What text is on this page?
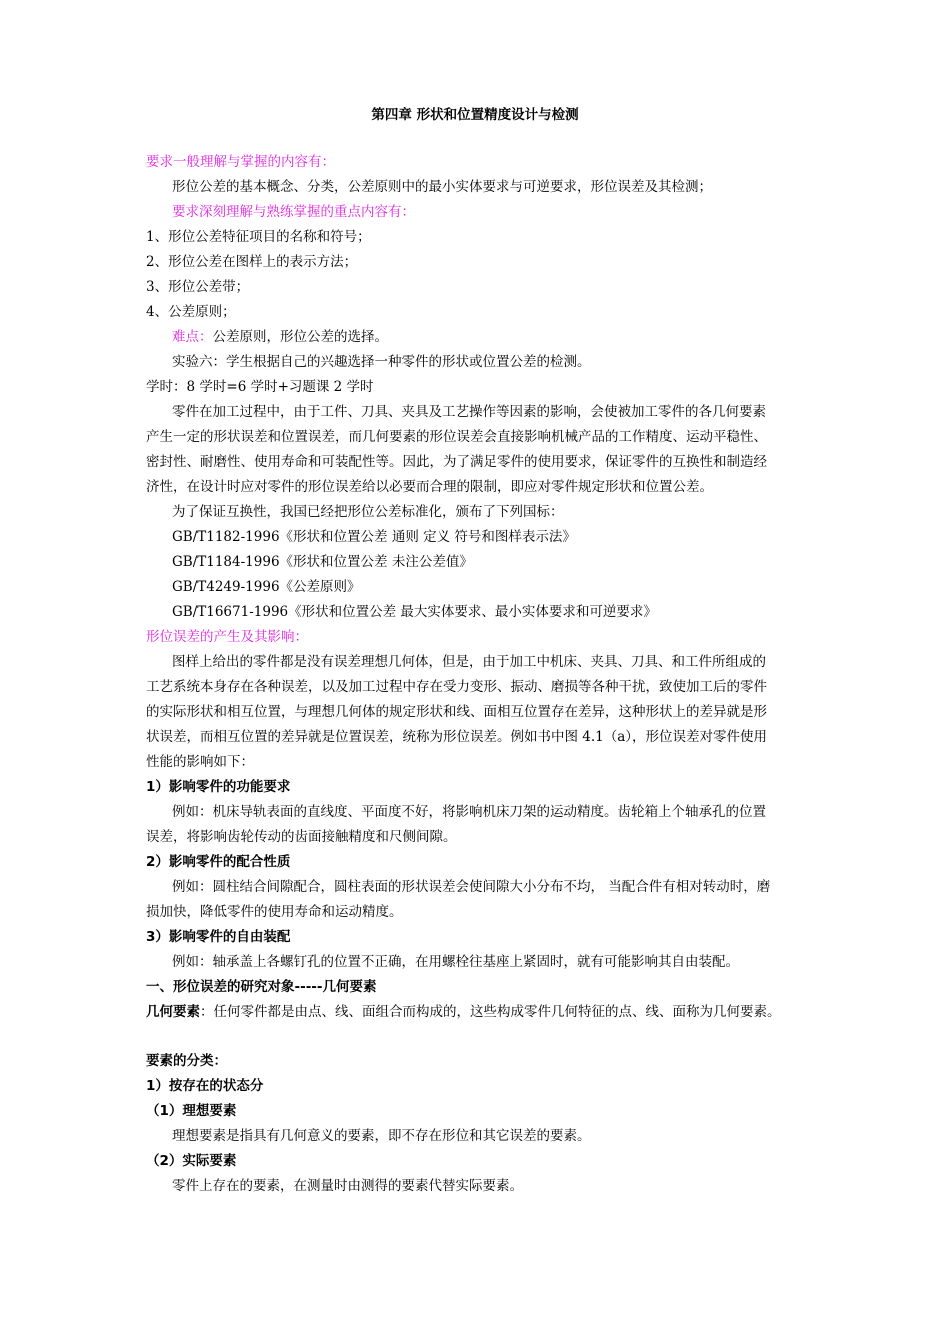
第四章 形状和位置精度设计与检测
要求一般理解与掌握的内容有：
形位公差的基本概念、分类，公差原则中的最小实体要求与可逆要求，形位误差及其检测；
要求深刻理解与熟练掌握的重点内容有：
1、形位公差特征项目的名称和符号；
2、形位公差在图样上的表示方法；
3、形位公差带；
4、公差原则；
难点：公差原则，形位公差的选择。
实验六：学生根据自己的兴趣选择一种零件的形状或位置公差的检测。
学时：8 学时=6 学时+习题课 2 学时
零件在加工过程中，由于工件、刀具、夹具及工艺操作等因素的影响，会使被加工零件的各几何要素
产生一定的形状误差和位置误差，而几何要素的形位误差会直接影响机械产品的工作精度、运动平稳性、
密封性、耐磨性、使用寿命和可装配性等。因此，为了满足零件的使用要求，保证零件的互换性和制造经
济性，在设计时应对零件的形位误差给以必要而合理的限制，即应对零件规定形状和位置公差。
为了保证互换性，我国已经把形位公差标准化，颁布了下列国标：
GB/T1182-1996《形状和位置公差 通则 定义 符号和图样表示法》
GB/T1184-1996《形状和位置公差 未注公差值》
GB/T4249-1996《公差原则》
GB/T16671-1996《形状和位置公差 最大实体要求、最小实体要求和可逆要求》
形位误差的产生及其影响：
图样上给出的零件都是没有误差理想几何体，但是，由于加工中机床、夹具、刀具、和工件所组成的
工艺系统本身存在各种误差，以及加工过程中存在受力变形、振动、磨损等各种干扰，致使加工后的零件
的实际形状和相互位置，与理想几何体的规定形状和线、面相互位置存在差异，这种形状上的差异就是形
状误差，而相互位置的差异就是位置误差，统称为形位误差。例如书中图 4.1（a），形位误差对零件使用
性能的影响如下：
1）影响零件的功能要求
例如：机床导轨表面的直线度、平面度不好，将影响机床刀架的运动精度。齿轮箱上个轴承孔的位置
误差，将影响齿轮传动的齿面接触精度和尺侧间隙。
2）影响零件的配合性质
例如：圆柱结合间隙配合，圆柱表面的形状误差会使间隙大小分布不均， 当配合件有相对转动时，磨
损加快，降低零件的使用寿命和运动精度。
3）影响零件的自由装配
例如：轴承盖上各螺钉孔的位置不正确，在用螺栓往基座上紧固时，就有可能影响其自由装配。
一、形位误差的研究对象-----几何要素
几何要素：任何零件都是由点、线、面组合而构成的，这些构成零件几何特征的点、线、面称为几何要素。
要素的分类：
1）按存在的状态分
（1）理想要素
理想要素是指具有几何意义的要素，即不存在形位和其它误差的要素。
（2）实际要素
零件上存在的要素，在测量时由测得的要素代替实际要素。
